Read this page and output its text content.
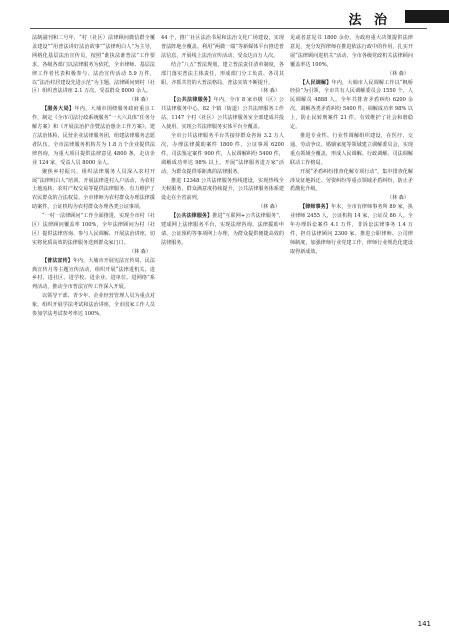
法 治

法制副刊和二号年，“村（社区）法律顾问微信群全覆盖建设”“用普法讲好法治故事”“法律明白人”为主导，网格化基层法治宣传员，按照“谁执法谁普法”工作要求，各级各部门以法律服务为依托，全市律师、基层法律工作者代表积极参与、法治宣传活动 5.9 万件，以“法治村居建设先进示范”为主题，法律顾问到村（社区）组织普法讲座 2.1 万次，受益群众 8000 余人。

（林 森）

【服务大局】年内，大埔市围绕服务政府重点工作，制定《全市司法行政系统服务“一大六具体”任务分解方案》和《开展法治护企暨法治惠企工作方案》，建立法治体检、民营企业法律服务团，组建法律服务志愿者队伍。全市法律服务机构共为 1.8 万个企业提供法律咨询，为重大项目提供法律意见 4800 条，走访企业 124 家，受益人员 8000 余人。

聚焦乡村振兴，组织法律服务人员深入农村开展“法律明白人”培训，开展法律进村入户活动，为农村土地流转、农村产权交易等提供法律服务，有力维护了农民群众的合法权益。全市律师为农村群众办理法律援助案件，公证机构为农村群众办理各类公证事项。

“一村一法律顾问”工作全面推进，实现全市村（社区）法律顾问覆盖率 100%，全年法律顾问为村（社区）提供法律咨询、参与人民调解、开展法治讲座，切实将优质高效的法律服务送到群众家门口。

（林 森）

【普法宣传】年内，大埔市开展宪法宣传周、民法典宣传月等主题宣传活动，组织开展“法律进机关、进乡村、进社区、进学校、进企业、进单位、进网络”系列活动，推动全市普法宣传工作深入开展。

以领导干部、青少年、企业经营管理人员为重点对象，组织开展学法考试和法治讲座，全市国家工作人员参加学法考试参考率达 100%。

44 个，推广社区法治书屋和法治文化广场建设，实现普法阵地全覆盖。利用“两微一端”等新媒体平台推送普法信息，开展线上法治宣传活动，受众达百万人次。

结合“八五”普法规划，建立普法责任清单制度，各部门落实普法主体责任，形成部门分工负责、各司其职、齐抓共管的大普法格局，普法实效不断提升。

（林 森）

【公共法律服务】年内，全市 8 家市级（区）公共法律服务中心、82 个镇（街道）公共法律服务工作站、1147 个村（社区）公共法律服务室全部建成并投入使用，实现公共法律服务实体平台全覆盖。

全市公共法律服务平台共接待群众咨询 3.2 万人次，办理法律援助案件 1800 件，公证事项 6200 件，司法鉴定案件 900 件，人民调解纠纷 5400 件，调解成功率达 98% 以上。开展“法律服务进万家”活动，为群众提供零距离的法律服务。

推进 12348 公共法律服务热线建设，实现热线全天候服务，群众满意度持续提升，公共法律服务体系建设走在全省前列。

（林 森）

【公共法律服务】推进“互联网+公共法律服务”，建成网上法律服务平台，实现法律咨询、法律援助申请、公证预约等事项网上办理，为群众提供便捷高效的法律服务。

见或者意见书 1800 余份，为政府重大决策提供法律意见，充分发挥律师在推进依法行政中的作用，扎实开展“法律顾问进机关”活动，全市各级党政机关法律顾问覆盖率达 100%。

（林 森）

【人民调解】年内，大埔市人民调解工作以“枫桥经验”为引领，全市共有人民调解委员会 1550 个，人民调解员 4888 人。全年共排查矛盾纠纷 6200 余次，调解各类矛盾纠纷 5400 件，调解成功率 98% 以上，防止民转刑案件 21 件，有效维护了社会和谐稳定。

推进专业性、行业性调解组织建设，在医疗、交通、劳动争议、婚姻家庭等领域建立调解委员会，实现重点领域全覆盖，形成人民调解、行政调解、司法调解联动工作格局。

开展“矛盾纠纷排查化解专项行动”，集中排查化解涉及征地拆迁、劳资纠纷等重点领域矛盾纠纷，防止矛盾激化升级。

（林 森）

【律师事务】年末，全市有律师事务所 89 家，执业律师 2455 人，公证机构 14 家，公证员 86 人。全年办理诉讼案件 4.1 万件，非诉讼法律事务 1.4 万件，担任法律顾问 2300 家。推进公职律师、公司律师制度，加强律师行业党建工作，律师行业规范化建设取得新成效。

141
